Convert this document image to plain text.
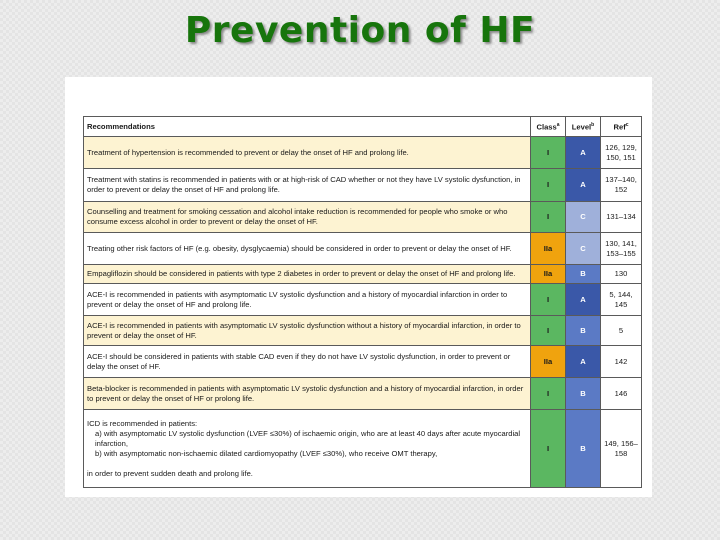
Prevention of HF
Recommendations	Class$^a$	Level$^b$	Ref$^c$
Treatment of hypertension is recommended to prevent or delay the onset of HF and prolong life.	I	A	126, 129, 150, 151
Treatment with statins is recommended in patients with or at high-risk of CAD whether or not they have LV systolic dysfunction, in order to prevent or delay the onset of HF and prolong life.	I	A	137–140, 152
Counselling and treatment for smoking cessation and alcohol intake reduction is recommended for people who smoke or who consume excess alcohol in order to prevent or delay the onset of HF.	I	C	131–134
Treating other risk factors of HF (e.g. obesity, dysglycaemia) should be considered in order to prevent or delay the onset of HF.	IIa	C	130, 141, 153–155
Empagliflozin should be considered in patients with type 2 diabetes in order to prevent or delay the onset of HF and prolong life.	IIa	B	130
ACE-I is recommended in patients with asymptomatic LV systolic dysfunction and a history of myocardial infarction in order to prevent or delay the onset of HF and prolong life.	I	A	5, 144, 145
ACE-I is recommended in patients with asymptomatic LV systolic dysfunction without a history of myocardial infarction, in order to prevent or delay the onset of HF.	I	B	5
ACE-I should be considered in patients with stable CAD even if they do not have LV systolic dysfunction, in order to prevent or delay the onset of HF.	IIa	A	142
Beta-blocker is recommended in patients with asymptomatic LV systolic dysfunction and a history of myocardial infarction, in order to prevent or delay the onset of HF or prolong life.	I	B	146

ICD is recommended in patients:
a) with asymptomatic LV systolic dysfunction (LVEF ≤30%) of ischaemic origin, who are at least 40 days after acute myocardial infarction,
b) with asymptomatic non-ischaemic dilated cardiomyopathy (LVEF ≤30%), who receive OMT therapy,
in order to prevent sudden death and prolong life.	I	B	149, 156–158
